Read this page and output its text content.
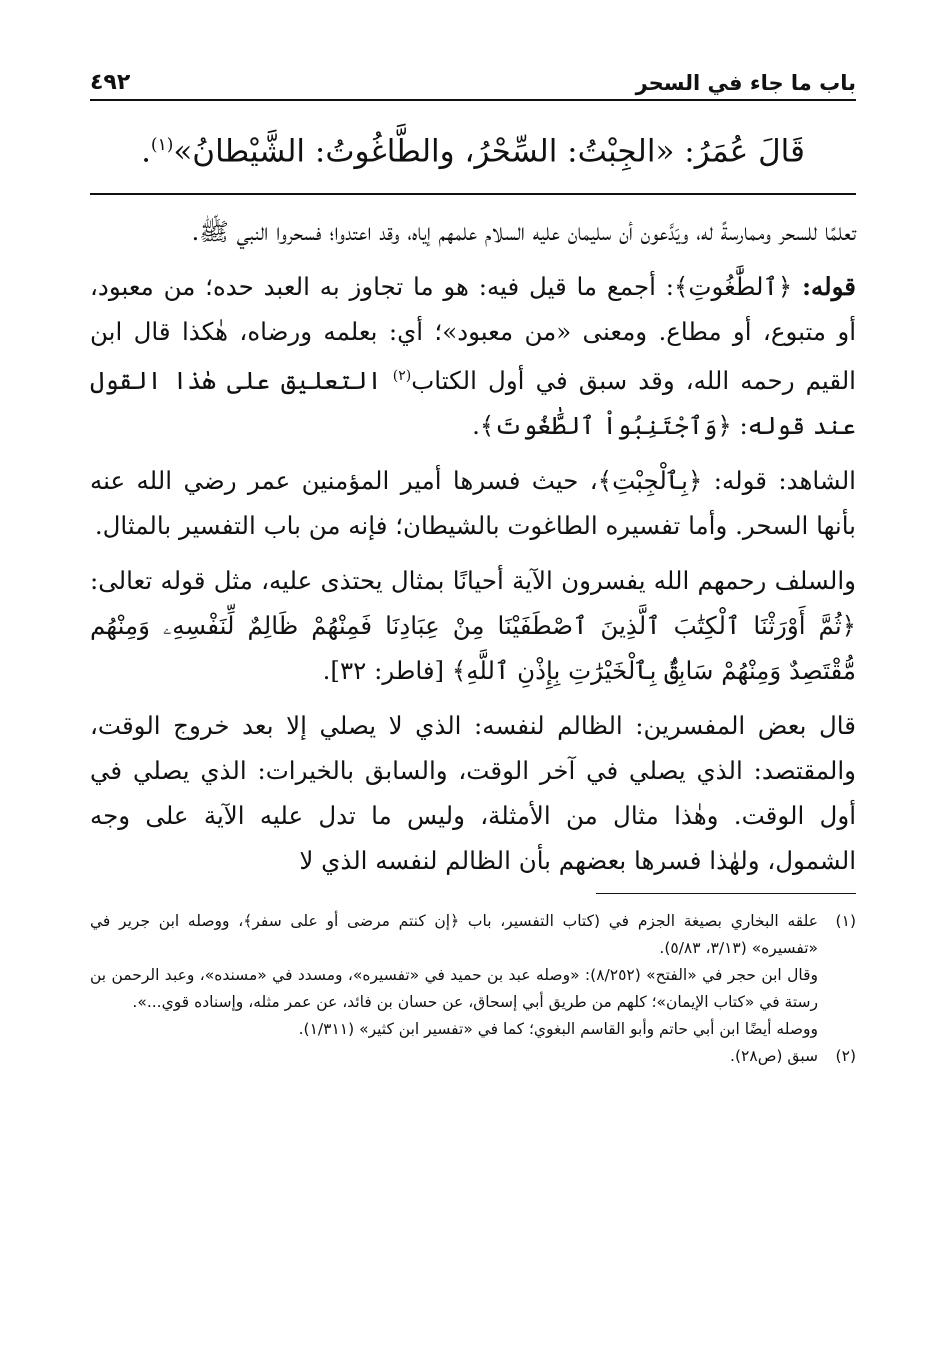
باب ما جاء في السحر
٤٩٢
قَالَ عُمَرُ: «الجِبْتُ: السِّحْرُ، والطَّاغُوتُ: الشَّيْطانُ»$^{(١)}$.

تعلمًا للسحر وممارسةً له، ويَدَّعون أن سليمان عليه السلام علمهم إياه، وقد اعتدوا؛ فسحروا النبي ﷺ.

قوله: ﴿ٱلطَّٰغُوتِ﴾: أجمع ما قيل فيه: هو ما تجاوز به العبد حده؛ من معبود، أو متبوع، أو مطاع. ومعنى «من معبود»؛ أي: بعلمه ورضاه، هٰكذا قال ابن القيم رحمه الله، وقد سبق في أول الكتاب$^{(٢)}$ التعليق على هٰذا القول عند قوله: ﴿وَٱجْتَنِبُواْ ٱلطَّٰغُوتَ﴾.

الشاهد: قوله: ﴿بِٱلْجِبْتِ﴾، حيث فسرها أمير المؤمنين عمر رضي الله عنه بأنها السحر. وأما تفسيره الطاغوت بالشيطان؛ فإنه من باب التفسير بالمثال.

والسلف رحمهم الله يفسرون الآية أحيانًا بمثال يحتذى عليه، مثل قوله تعالى: ﴿ثُمَّ أَوْرَثْنَا ٱلْكِتَٰبَ ٱلَّذِينَ ٱصْطَفَيْنَا مِنْ عِبَادِنَا فَمِنْهُمْ ظَالِمٌ لِّنَفْسِهِۦ وَمِنْهُم مُّقْتَصِدٌ وَمِنْهُمْ سَابِقٌۢ بِٱلْخَيْرَٰتِ بِإِذْنِ ٱللَّهِ﴾ [فاطر: ٣٢].

قال بعض المفسرين: الظالم لنفسه: الذي لا يصلي إلا بعد خروج الوقت، والمقتصد: الذي يصلي في آخر الوقت، والسابق بالخيرات: الذي يصلي في أول الوقت. وهٰذا مثال من الأمثلة، وليس ما تدل عليه الآية على وجه الشمول، ولهٰذا فسرها بعضهم بأن الظالم لنفسه الذي لا

(١)
علقه البخاري بصيغة الجزم في (كتاب التفسير، باب ﴿إن كنتم مرضى أو على سفر﴾، ووصله ابن جرير في «تفسيره» (٣/١٣، ٥/٨٣).

وقال ابن حجر في «الفتح» (٨/٢٥٢): «وصله عبد بن حميد في «تفسيره»، ومسدد في «مسنده»، وعبد الرحمن بن رستة في «كتاب الإيمان»؛ كلهم من طريق أبي إسحاق، عن حسان بن فائد، عن عمر مثله، وإسناده قوي...».

ووصله أيضًا ابن أبي حاتم وأبو القاسم البغوي؛ كما في «تفسير ابن كثير» (١/٣١١).

(٢)
سبق (ص٢٨).
